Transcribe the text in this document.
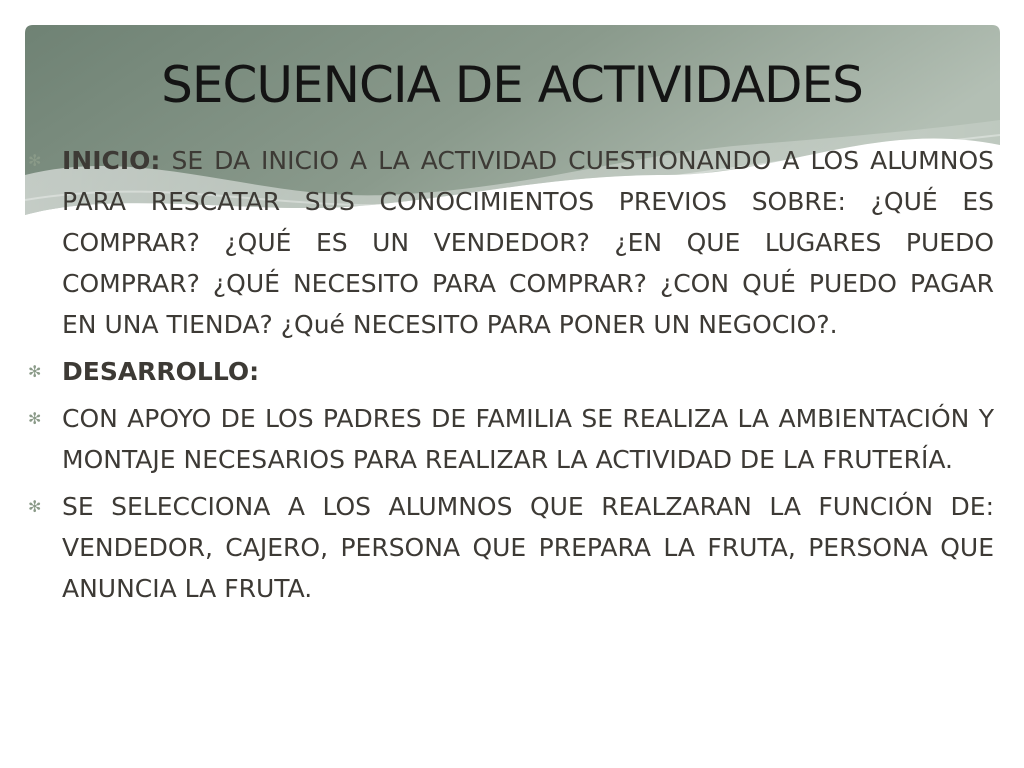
SECUENCIA DE ACTIVIDADES
✻ INICIO: SE DA INICIO A LA ACTIVIDAD CUESTIONANDO A LOS ALUMNOS PARA RESCATAR SUS CONOCIMIENTOS PREVIOS SOBRE: ¿QUÉ ES COMPRAR? ¿QUÉ ES UN VENDEDOR? ¿EN QUE LUGARES PUEDO COMPRAR? ¿QUÉ NECESITO PARA COMPRAR? ¿CON QUÉ PUEDO PAGAR EN UNA TIENDA? ¿Qué NECESITO PARA PONER UN NEGOCIO?.
✻ DESARROLLO:
✻ CON APOYO DE LOS PADRES DE FAMILIA SE REALIZA LA AMBIENTACIÓN Y MONTAJE NECESARIOS PARA REALIZAR LA ACTIVIDAD DE LA FRUTERÍA.
✻ SE SELECCIONA A LOS ALUMNOS QUE REALZARAN LA FUNCIÓN DE: VENDEDOR, CAJERO, PERSONA QUE PREPARA LA FRUTA, PERSONA QUE ANUNCIA LA FRUTA.
